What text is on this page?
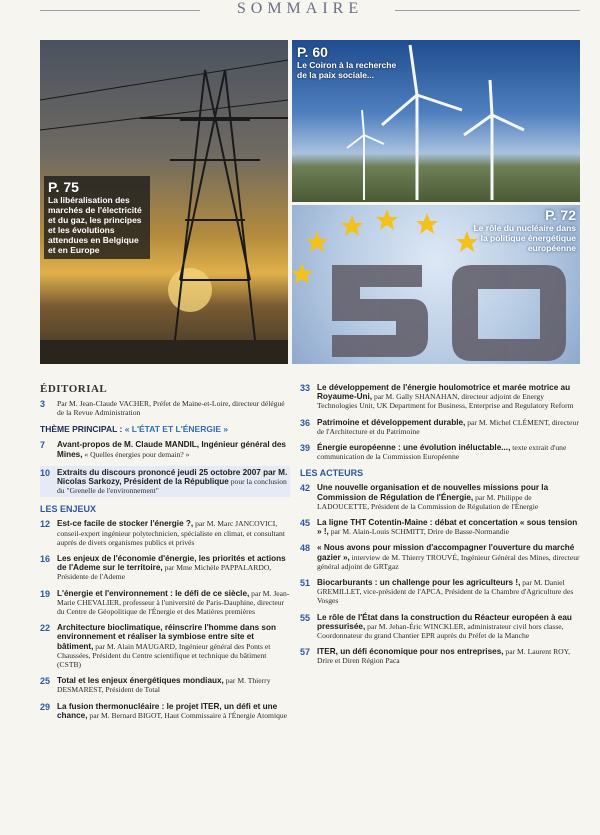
SOMMAIRE
P. 75
La libéralisation des marchés de l'électricité et du gaz, les principes et les évolutions attendues en Belgique et en Europe
P. 60
Le Coiron à la recherche de la paix sociale...
P. 72
Le rôle du nucléaire dans la politique énergétique européenne
ÉDITORIAL
3	Par M. Jean-Claude VACHER, Préfet de Maine-et-Loire, directeur délégué de la Revue Administration
THÈME PRINCIPAL : « L'ÉTAT ET L'ÉNERGIE »
7	Avant-propos de M. Claude MANDIL, Ingénieur général des Mines, « Quelles énergies pour demain? »
10 Extraits du discours prononcé jeudi 25 octobre 2007 par M. Nicolas Sarkozy, Président de la République pour la conclusion du "Grenelle de l'environnement"
LES ENJEUX
12 Est-ce facile de stocker l'énergie ?, par M. Marc JANCOVICI, conseil-expert ingénieur polytechnicien, spécialiste en climat, et consultant auprès de divers organismes publics et privés
16 Les enjeux de l'économie d'énergie, les priorités et actions de l'Ademe sur le territoire, par Mme Michèle PAPPALARDO, Présidente de l'Ademe
19 L'énergie et l'environnement : le défi de ce siècle, par M. Jean-Marie CHEVALIER, professeur à l'université de Paris-Dauphine, directeur du Centre de Géopolitique de l'Énergie et des Matières premières
22 Architecture bioclimatique, réinscrire l'homme dans son environnement et réaliser la symbiose entre site et bâtiment, par M. Alain MAUGARD, Ingénieur général des Ponts et Chaussées, Président du Centre scientifique et technique du bâtiment (CSTB)
25 Total et les enjeux énergétiques mondiaux, par M. Thierry DESMAREST, Président de Total
29 La fusion thermonucléaire : le projet ITER, un défi et une chance, par M. Bernard BIGOT, Haut Commissaire à l'Énergie Atomique
33 Le développement de l'énergie houlomotrice et marée motrice au Royaume-Uni, par M. Gally SHANAHAN, directeur adjoint de Energy Technologies Unit, UK Department for Business, Enterprise and Regulatory Reform
36 Patrimoine et développement durable, par M. Michel CLÉMENT, directeur de l'Architecture et du Patrimoine
39 Énergie européenne : une évolution inéluctable..., texte extrait d'une communication de la Commission Européenne
LES ACTEURS
42 Une nouvelle organisation et de nouvelles missions pour la Commission de Régulation de l'Énergie, par M. Philippe de LADOUCETTE, Président de la Commission de Régulation de l'Énergie
45 La ligne THT Cotentin-Maine : débat et concertation « sous tension » !, par M. Alain-Louis SCHMITT, Drire de Basse-Normandie
48 « Nous avons pour mission d'accompagner l'ouverture du marché gazier », interview de M. Thierry TROUVÉ, Ingénieur Général des Mines, directeur général adjoint de GRTgaz
51 Biocarburants : un challenge pour les agriculteurs !, par M. Daniel GREMILLET, vice-président de l'APCA, Président de la Chambre d'Agriculture des Vosges
55 Le rôle de l'État dans la construction du Réacteur européen à eau pressurisée, par M. Jehan-Éric WINCKLER, administrateur civil hors classe, Coordonnateur du grand Chantier EPR auprès du Préfet de la Manche
57 ITER, un défi économique pour nos entreprises, par M. Laurent ROY, Drire et Diren Région Paca
